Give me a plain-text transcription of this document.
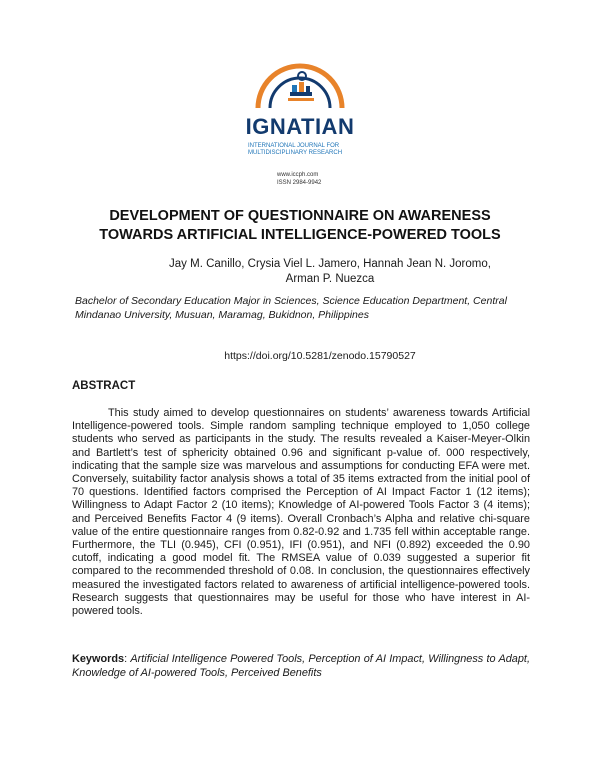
IGNATIAN
INTERNATIONAL JOURNAL FOR
MULTIDISCIPLINARY RESEARCH
www.iccph.com
ISSN 2984-9942
DEVELOPMENT OF QUESTIONNAIRE ON AWARENESS
TOWARDS ARTIFICIAL INTELLIGENCE-POWERED TOOLS
Jay M. Canillo, Crysia Viel L. Jamero, Hannah Jean N. Joromo,
Arman P. Nuezca
Bachelor of Secondary Education Major in Sciences, Science Education Department, Central Mindanao University, Musuan, Maramag, Bukidnon, Philippines
https://doi.org/10.5281/zenodo.15790527
ABSTRACT
This study aimed to develop questionnaires on students’ awareness towards Artificial Intelligence-powered tools. Simple random sampling technique employed to 1,050 college students who served as participants in the study. The results revealed a Kaiser-Meyer-Olkin and Bartlett’s test of sphericity obtained 0.96 and significant p-value of. 000 respectively, indicating that the sample size was marvelous and assumptions for conducting EFA were met. Conversely, suitability factor analysis shows a total of 35 items extracted from the initial pool of 70 questions. Identified factors comprised the Perception of AI Impact Factor 1 (12 items); Willingness to Adapt Factor 2 (10 items); Knowledge of AI-powered Tools Factor 3 (4 items); and Perceived Benefits Factor 4 (9 items). Overall Cronbach’s Alpha and relative chi-square value of the entire questionnaire ranges from 0.82-0.92 and 1.735 fell within acceptable range. Furthermore, the TLI (0.945), CFI (0.951), IFI (0.951), and NFI (0.892) exceeded the 0.90 cutoff, indicating a good model fit. The RMSEA value of 0.039 suggested a superior fit compared to the recommended threshold of 0.08. In conclusion, the questionnaires effectively measured the investigated factors related to awareness of artificial intelligence-powered tools. Research suggests that questionnaires may be useful for those who have interest in AI-powered tools.
Keywords: Artificial Intelligence Powered Tools, Perception of AI Impact, Willingness to Adapt, Knowledge of AI-powered Tools, Perceived Benefits
